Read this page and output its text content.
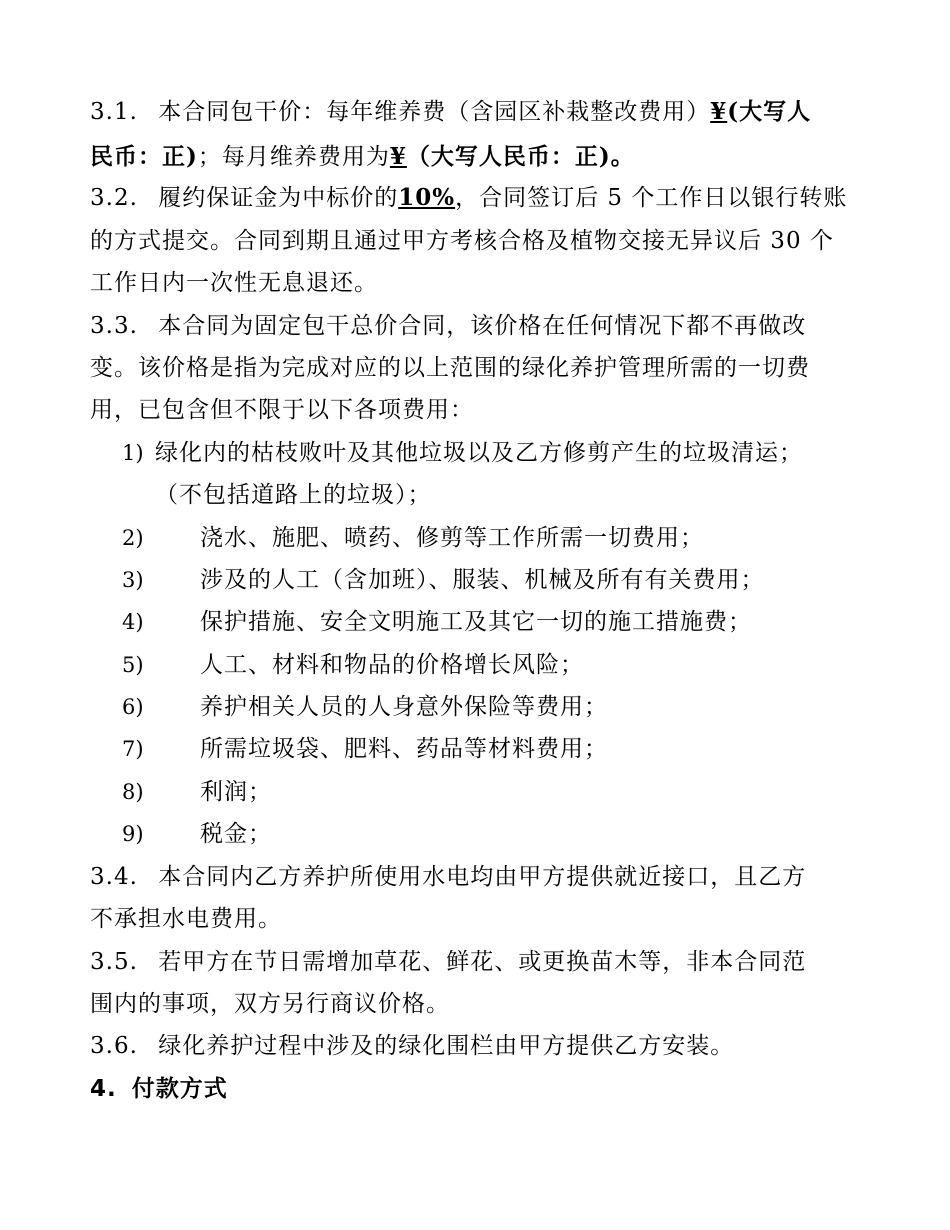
3.1. 本合同包干价：每年维养费（含园区补栽整改费用）¥(大写人
民币：正)；每月维养费用为¥（大写人民币：正)。
3.2. 履约保证金为中标价的10%，合同签订后 5 个工作日以银行转账
的方式提交。合同到期且通过甲方考核合格及植物交接无异议后 30 个
工作日内一次性无息退还。
3.3. 本合同为固定包干总价合同，该价格在任何情况下都不再做改
变。该价格是指为完成对应的以上范围的绿化养护管理所需的一切费
用，已包含但不限于以下各项费用：
1) 绿化内的枯枝败叶及其他垃圾以及乙方修剪产生的垃圾清运；
（不包括道路上的垃圾）；
2) 浇水、施肥、喷药、修剪等工作所需一切费用；
3) 涉及的人工（含加班）、服装、机械及所有有关费用；
4) 保护措施、安全文明施工及其它一切的施工措施费；
5) 人工、材料和物品的价格增长风险；
6) 养护相关人员的人身意外保险等费用；
7) 所需垃圾袋、肥料、药品等材料费用；
8) 利润；
9) 税金；
3.4. 本合同内乙方养护所使用水电均由甲方提供就近接口，且乙方
不承担水电费用。
3.5. 若甲方在节日需增加草花、鲜花、或更换苗木等，非本合同范
围内的事项，双方另行商议价格。
3.6. 绿化养护过程中涉及的绿化围栏由甲方提供乙方安装。
4. 付款方式
